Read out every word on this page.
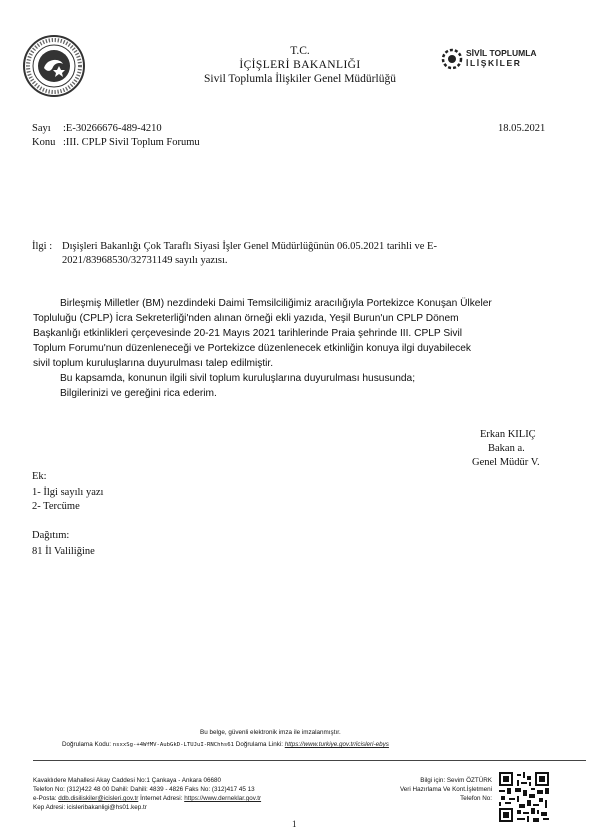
T.C.
İÇİŞLERİ BAKANLIĞI
Sivil Toplumla İlişkiler Genel Müdürlüğü
SİVİL TOPLUMLA
İLİŞKİLER
Sayı :E-30266676-489-4210	18.05.2021
Konu :III. CPLP Sivil Toplum Forumu
İlgi : Dışişleri Bakanlığı Çok Taraflı Siyasi İşler Genel Müdürlüğünün 06.05.2021 tarihli ve E-
2021/83968530/32731149 sayılı yazısı.
Birleşmiş Milletler (BM) nezdindeki Daimi Temsilciliğimiz aracılığıyla Portekizce Konuşan Ülkeler
Topluluğu (CPLP) İcra Sekreterliği'nden alınan örneği ekli yazıda, Yeşil Burun'un CPLP Dönem
Başkanlığı etkinlikleri çerçevesinde 20-21 Mayıs 2021 tarihlerinde Praia şehrinde III. CPLP Sivil
Toplum Forumu'nun düzenleneceği ve Portekizce düzenlenecek etkinliğin konuya ilgi duyabilecek
sivil toplum kuruluşlarına duyurulması talep edilmiştir.
Bu kapsamda, konunun ilgili sivil toplum kuruluşlarına duyurulması hususunda;
Bilgilerinizi ve gereğini rica ederim.
Erkan KILIÇ
Bakan a.
Genel Müdür V.
Ek:
1- İlgi sayılı yazı
2- Tercüme
Dağıtım:
81 İl Valiliğine
Bu belge, güvenli elektronik imza ile imzalanmıştır.
Doğrulama Kodu: nsxxSg-+4WfMV-AubGkD-LTUJuI-RNChhs61 Doğrulama Linki: https://www.turkiye.gov.tr/icisleri-ebys
Kavaklıdere Mahallesi Akay Caddesi No:1 Çankaya - Ankara 06680
Telefon No: (312)422 48 00 Dahili: Dahili: 4839 - 4826 Faks No: (312)417 45 13
e-Posta: ddb.disiliskiler@icisleri.gov.tr İnternet Adresi: https://www.derneklar.gov.tr
Kep Adresi: icisleribakanligi@hs01.kep.tr
Bilgi için: Sevim ÖZTÜRK
Veri Hazırlama Ve Kont.İşletmeni
Telefon No:
1
